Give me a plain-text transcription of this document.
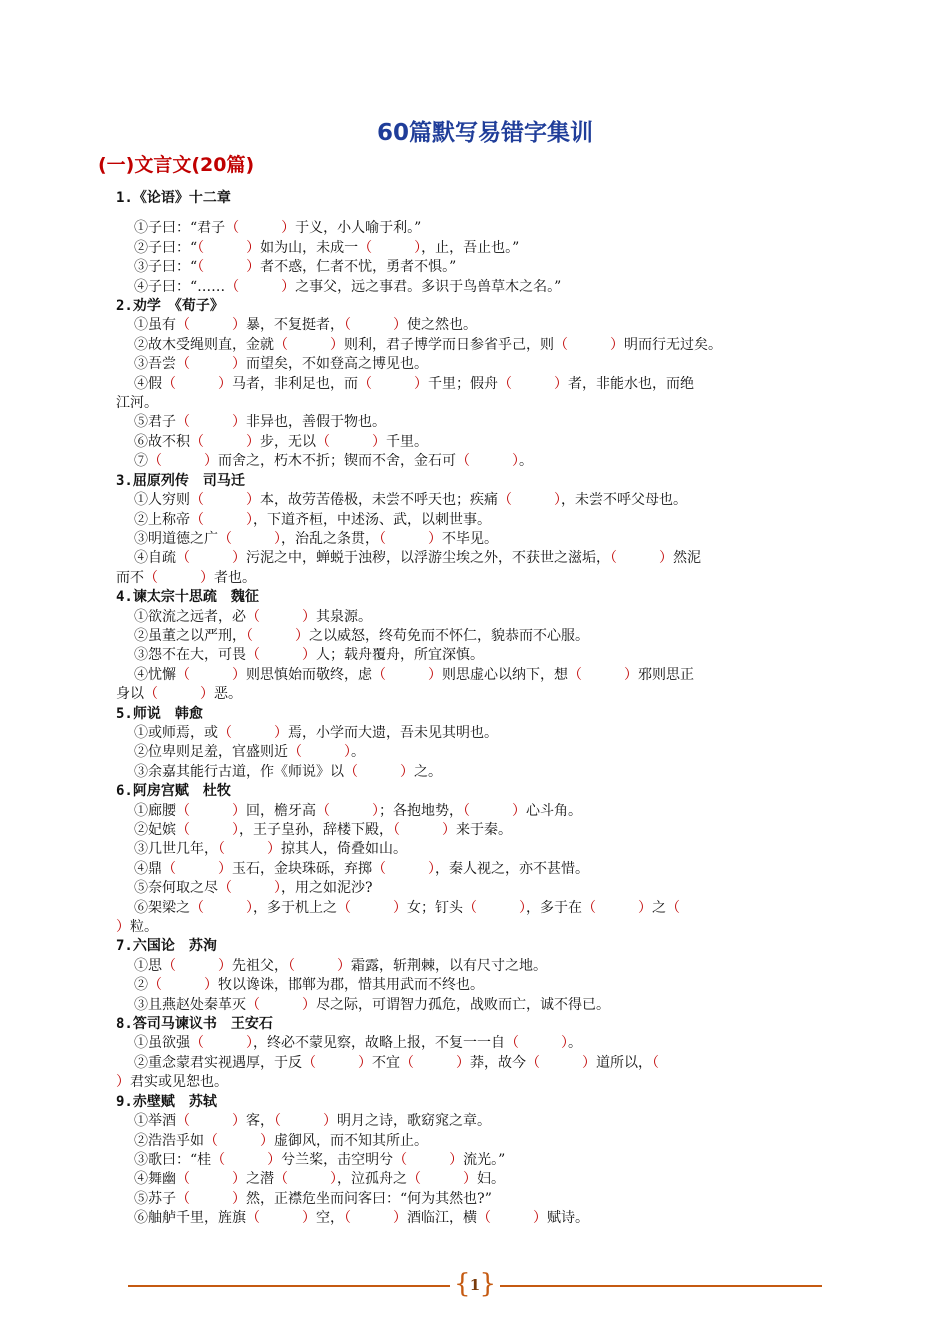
60篇默写易错字集训
(一)文言文(20篇)
1.《论语》十二章
①子曰：“君子（　　　	）于义，小人喻于利。”
②子曰：“（　　　	）如为山，未成一（　　　	），止，吾止也。”
③子曰：“（　　　	）者不惑，仁者不忧，勇者不惧。”
④子曰：“……（　　　	）之事父，远之事君。多识于鸟兽草木之名。”
2.劝学　《荀子》
①虽有（　　　	）暴，不复挺者，（　　　	）使之然也。
②故木受绳则直，金就（　　　	）则利，君子博学而日参省乎己，则（　　　	）明而行无过矣。
③吾尝（　　　	）而望矣，不如登高之博见也。
④假（　　　	）马者，非利足也，而（　　　	）千里；假舟（　　　	）者，非能水也，而绝
江河。
⑤君子（　　　	）非异也，善假于物也。
⑥故不积（　　　	）步，无以（　　　	）千里。
⑦（　　　	）而舍之，朽木不折；锲而不舍，金石可（　　　	）。
3.屈原列传　司马迁
①人穷则（　　　	）本，故劳苦倦极，未尝不呼天也；疾痛（　　　	），未尝不呼父母也。
②上称帝（　　　	），下道齐桓，中述汤、武，以刺世事。
③明道德之广（　　　	），治乱之条贯，（　　　	）不毕见。
④自疏（　　　	）污泥之中，蝉蜕于浊秽，以浮游尘埃之外，不获世之滋垢，（　　　	）然泥
而不（　　　	）者也。
4.谏太宗十思疏　魏征
①欲流之远者，必（　　　	）其泉源。
②虽董之以严刑，（　　　	）之以威怒，终苟免而不怀仁，貌恭而不心服。
③怨不在大，可畏（　　　	）人；载舟覆舟，所宜深慎。
④忧懈（　　　	）则思慎始而敬终，虑（　　　	）则思虚心以纳下，想（　　　	）邪则思正
身以（　　　	）恶。
5.师说　韩愈
①或师焉，或（　　　	）焉，小学而大遗，吾未见其明也。
②位卑则足羞，官盛则近（　　　	）。
③余嘉其能行古道，作《师说》以（　　　	）之。
6.阿房宫赋　杜牧
①廊腰（　　　	）回，檐牙高（　　　	）；各抱地势，（　　　	）心斗角。
②妃嫔（　　　	），王子皇孙，辞楼下殿，（　　　	）来于秦。
③几世几年，（　　　	）掠其人，倚叠如山。
④鼎（　　　	）玉石，金块珠砾，弃掷（　　　	），秦人视之，亦不甚惜。
⑤奈何取之尽（　　　	），用之如泥沙?
⑥架梁之（　　　	），多于机上之（　　　	）女；钉头（　　　	），多于在（　　　	）之（
）粒。
7.六国论　苏洵
①思（　　　	）先祖父，（　　　	）霜露，斩荆棘，以有尺寸之地。
②（　　　	）牧以谗诛，邯郸为郡，惜其用武而不终也。
③且燕赵处秦革灭（　　　	）尽之际，可谓智力孤危，战败而亡，诚不得已。
8.答司马谏议书　王安石
①虽欲强（　　　	），终必不蒙见察，故略上报，不复一一自（　　　	）。
②重念蒙君实视遇厚，于反（　　　	）不宜（　　　	）莽，故今（　　　	）道所以，（
）君实或见恕也。
9.赤壁赋　苏轼
①举酒（　　　	）客，（　　　	）明月之诗，歌窈窕之章。
②浩浩乎如（　　　	）虚御风，而不知其所止。
③歌曰：“桂（　　　	）兮兰桨，击空明兮（　　　	）流光。”
④舞幽（　　　	）之潜（　　　	），泣孤舟之（　　　	）妇。
⑤苏子（　　　	）然，正襟危坐而问客曰：“何为其然也?”
⑥舳舻千里，旌旗（　　　	）空，（　　　	）酒临江，横（　　　	）赋诗。
{ 1 }
